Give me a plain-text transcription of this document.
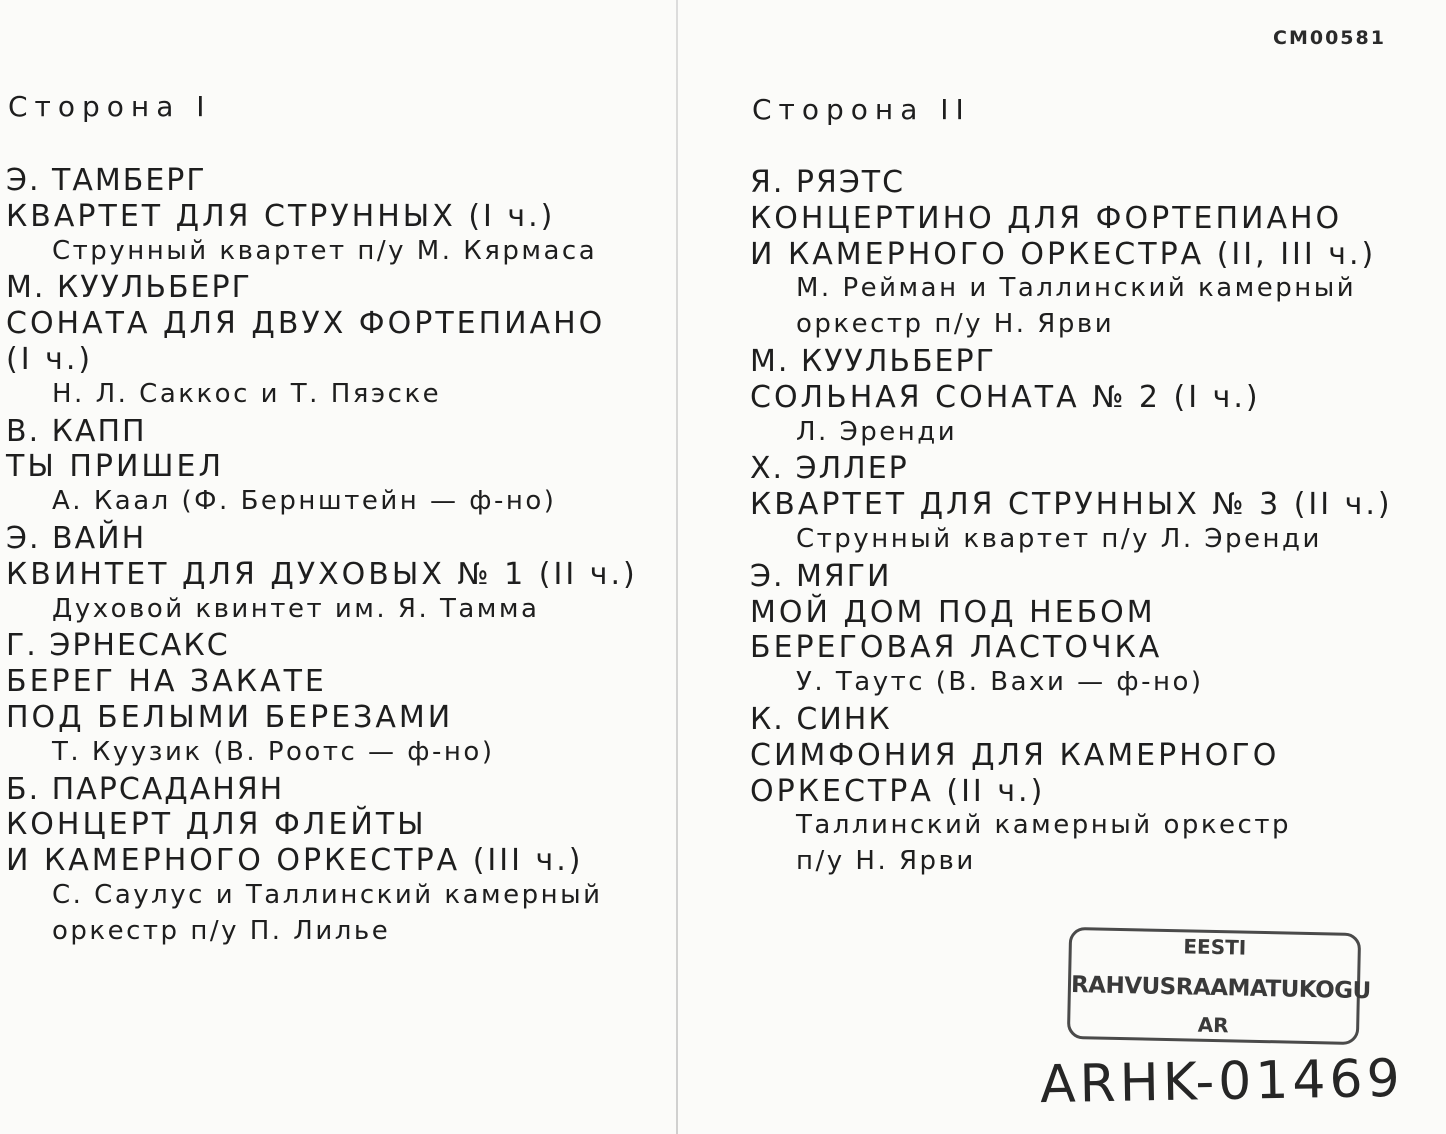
СМ00581
Сторона I
Э. ТАМБЕРГ
КВАРТЕТ ДЛЯ СТРУННЫХ (I ч.)
Струнный квартет п/у М. Кярмаса
М. КУУЛЬБЕРГ
СОНАТА ДЛЯ ДВУХ ФОРТЕПИАНО
(I ч.)
Н. Л. Саккос и Т. Пяэске
В. КАПП
ТЫ ПРИШЕЛ
А. Каал (Ф. Бернштейн — ф-но)
Э. ВАЙН
КВИНТЕТ ДЛЯ ДУХОВЫХ № 1 (II ч.)
Духовой квинтет им. Я. Тамма
Г. ЭРНЕСАКС
БЕРЕГ НА ЗАКАТЕ
ПОД БЕЛЫМИ БЕРЕЗАМИ
Т. Куузик (В. Роотс — ф-но)
Б. ПАРСАДАНЯН
КОНЦЕРТ ДЛЯ ФЛЕЙТЫ
И КАМЕРНОГО ОРКЕСТРА (III ч.)
С. Саулус и Таллинский камерный
оркестр п/у П. Лилье
Сторона II
Я. РЯЭТС
КОНЦЕРТИНО ДЛЯ ФОРТЕПИАНО
И КАМЕРНОГО ОРКЕСТРА (II, III ч.)
М. Рейман и Таллинский камерный
оркестр п/у Н. Ярви
М. КУУЛЬБЕРГ
СОЛЬНАЯ СОНАТА № 2 (I ч.)
Л. Эренди
Х. ЭЛЛЕР
КВАРТЕТ ДЛЯ СТРУННЫХ № 3 (II ч.)
Струнный квартет п/у Л. Эренди
Э. МЯГИ
МОЙ ДОМ ПОД НЕБОМ
БЕРЕГОВАЯ ЛАСТОЧКА
У. Таутс (В. Вахи — ф-но)
К. СИНК
СИМФОНИЯ ДЛЯ КАМЕРНОГО
ОРКЕСТРА (II ч.)
Таллинский камерный оркестр
п/у Н. Ярви
EESTI
RAHVUSRAAMATUKOGU
AR
ARHK-01469
